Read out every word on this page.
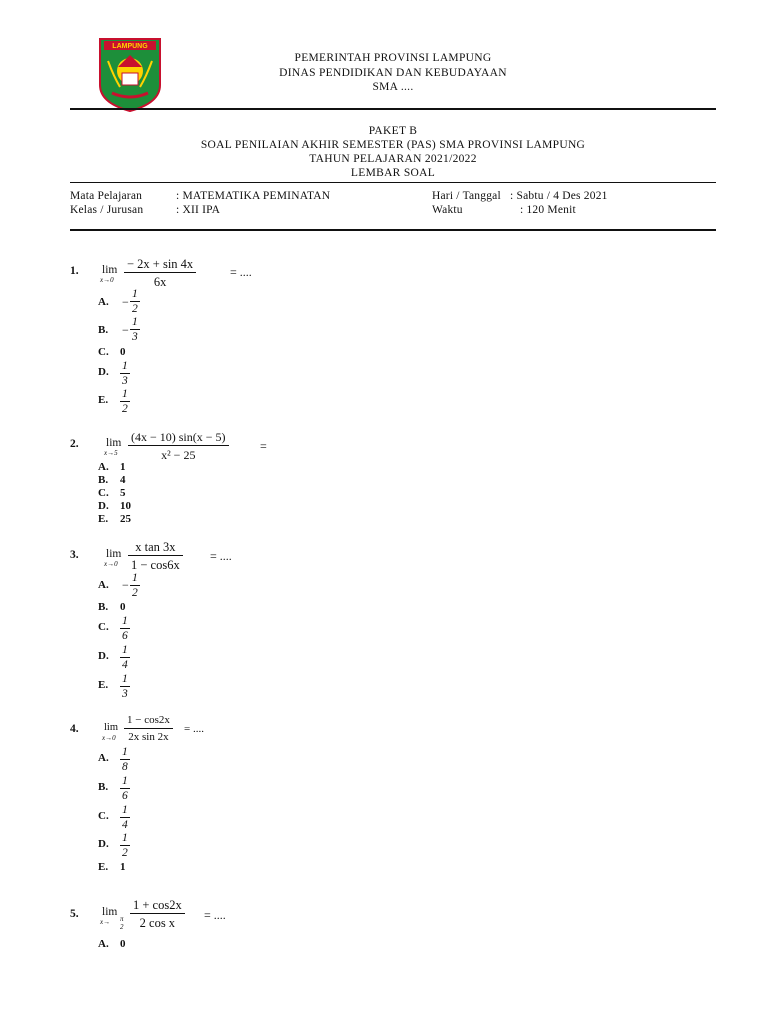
LAMPUNG
PEMERINTAH PROVINSI LAMPUNG
DINAS PENDIDIKAN DAN KEBUDAYAAN
SMA ....
PAKET B
SOAL PENILAIAN AKHIR SEMESTER (PAS) SMA PROVINSI LAMPUNG
TAHUN PELAJARAN 2021/2022
LEMBAR SOAL
Mata Pelajaran	: MATEMATIKA PEMINATAN
Kelas / Jurusan	: XII IPA
Hari / Tanggal : Sabtu / 4 Des 2021
Waktu	: 120 Menit
1. lim
x→0
− 2x + sin 4x
6x
= ....
A. −
1
2
B. −
1
3
C. 0
D. 1
3
E. 1
2
2. lim
x→5
(4x − 10) sin(x − 5)
x² − 25
=
A. 1
B. 4
C. 5
D. 10
E. 25
3. lim
x→0
x tan 3x
1 − cos6x
= ....
A. − 1
2
B. 0
C. 1
6
D. 1
4
E. 1
3
4. lim
x→0
1 − cos2x
2x sin 2x
= ....
A. 1
8
B. 1
6
C. 1
4
D. 1
2
E. 1
5. lim
x→ π
2
1 + cos2x
2 cos x
= ....
A. 0
